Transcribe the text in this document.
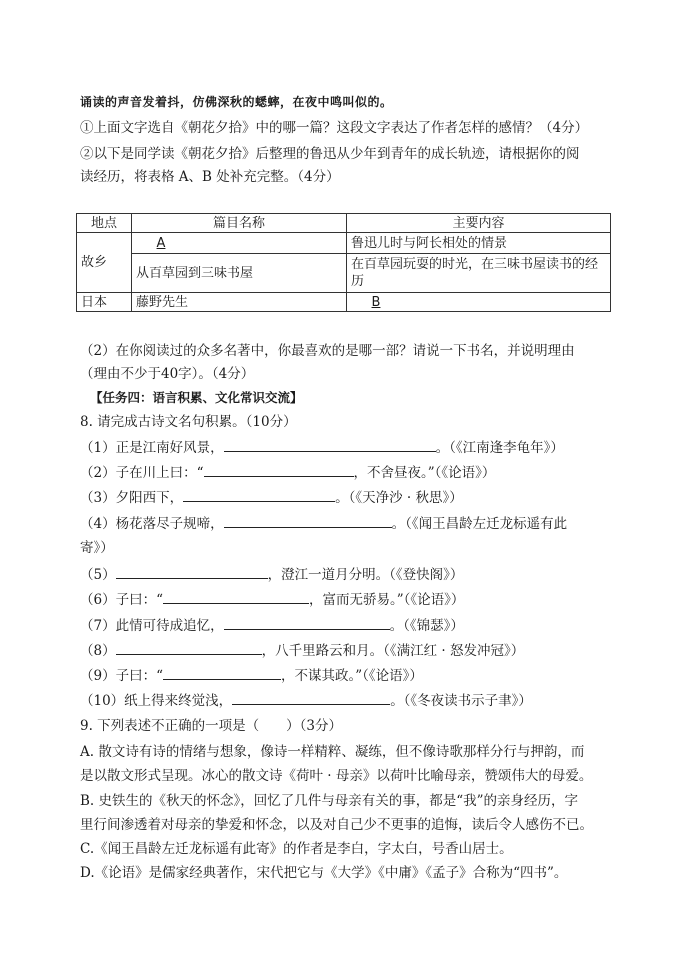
诵读的声音发着抖，仿佛深秋的蟋蟀，在夜中鸣叫似的。
①上面文字选自《朝花夕拾》中的哪一篇？这段文字表达了作者怎样的感情？（4分）
②以下是同学读《朝花夕拾》后整理的鲁迅从少年到青年的成长轨迹，请根据你的阅
读经历，将表格 A、B 处补充完整。（4分）
地点	篇目名称	主要内容
故乡	A	鲁迅儿时与阿长相处的情景
	从百草园到三味书屋	在百草园玩耍的时光，在三味书屋读书的经历
日本	藤野先生	B
（2）在你阅读过的众多名著中，你最喜欢的是哪一部？请说一下书名，并说明理由
（理由不少于40字）。（4分）
【任务四：语言积累、文化常识交流】
8. 请完成古诗文名句积累。（10分）
（1）正是江南好风景，	。（《江南逢李龟年》）
（2）子在川上曰：“	，不舍昼夜。”（《论语》）
（3）夕阳西下，	。（《天净沙 · 秋思》）
（4）杨花落尽子规啼，	。（《闻王昌龄左迁龙标遥有此
寄》）
（5）	，澄江一道月分明。（《登快阁》）
（6）子曰：“	，富而无骄易。”（《论语》）
（7）此情可待成追忆，	。（《锦瑟》）
（8）	，八千里路云和月。（《满江红 · 怒发冲冠》）
（9）子曰：“	，不谋其政。”（《论语》）
（10）纸上得来终觉浅，	。（《冬夜读书示子聿》）
9. 下列表述不正确的一项是（　　）（3分）
A. 散文诗有诗的情绪与想象，像诗一样精粹、凝练，但不像诗歌那样分行与押韵，而
是以散文形式呈现。冰心的散文诗《荷叶 · 母亲》以荷叶比喻母亲，赞颂伟大的母爱。
B. 史铁生的《秋天的怀念》，回忆了几件与母亲有关的事，都是“我”的亲身经历，字
里行间渗透着对母亲的挚爱和怀念，以及对自己少不更事的追悔，读后令人感伤不已。
C.《闻王昌龄左迁龙标遥有此寄》的作者是李白，字太白，号香山居士。
D.《论语》是儒家经典著作，宋代把它与《大学》《中庸》《孟子》合称为“四书”。
